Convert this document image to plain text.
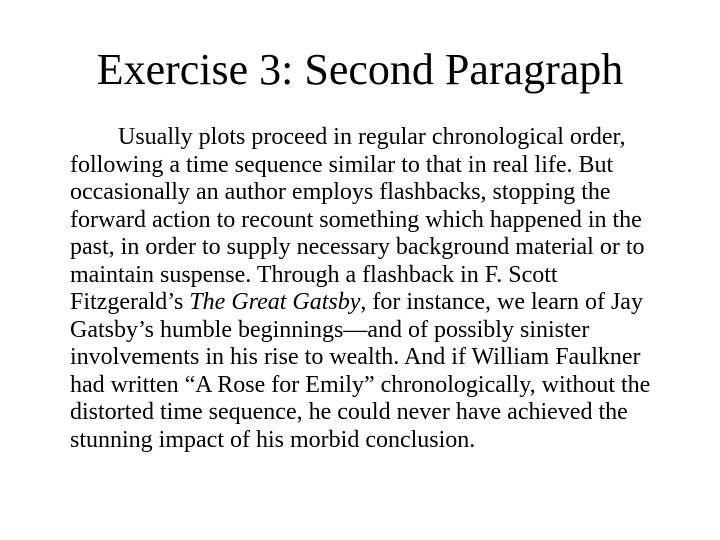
Exercise 3: Second Paragraph
Usually plots proceed in regular chronological order,
following a time sequence similar to that in real life. But
occasionally an author employs flashbacks, stopping the
forward action to recount something which happened in the
past, in order to supply necessary background material or to
maintain suspense. Through a flashback in F. Scott
Fitzgerald’s The Great Gatsby, for instance, we learn of Jay
Gatsby’s humble beginnings—and of possibly sinister
involvements in his rise to wealth. And if William Faulkner
had written “A Rose for Emily” chronologically, without the
distorted time sequence, he could never have achieved the
stunning impact of his morbid conclusion.
